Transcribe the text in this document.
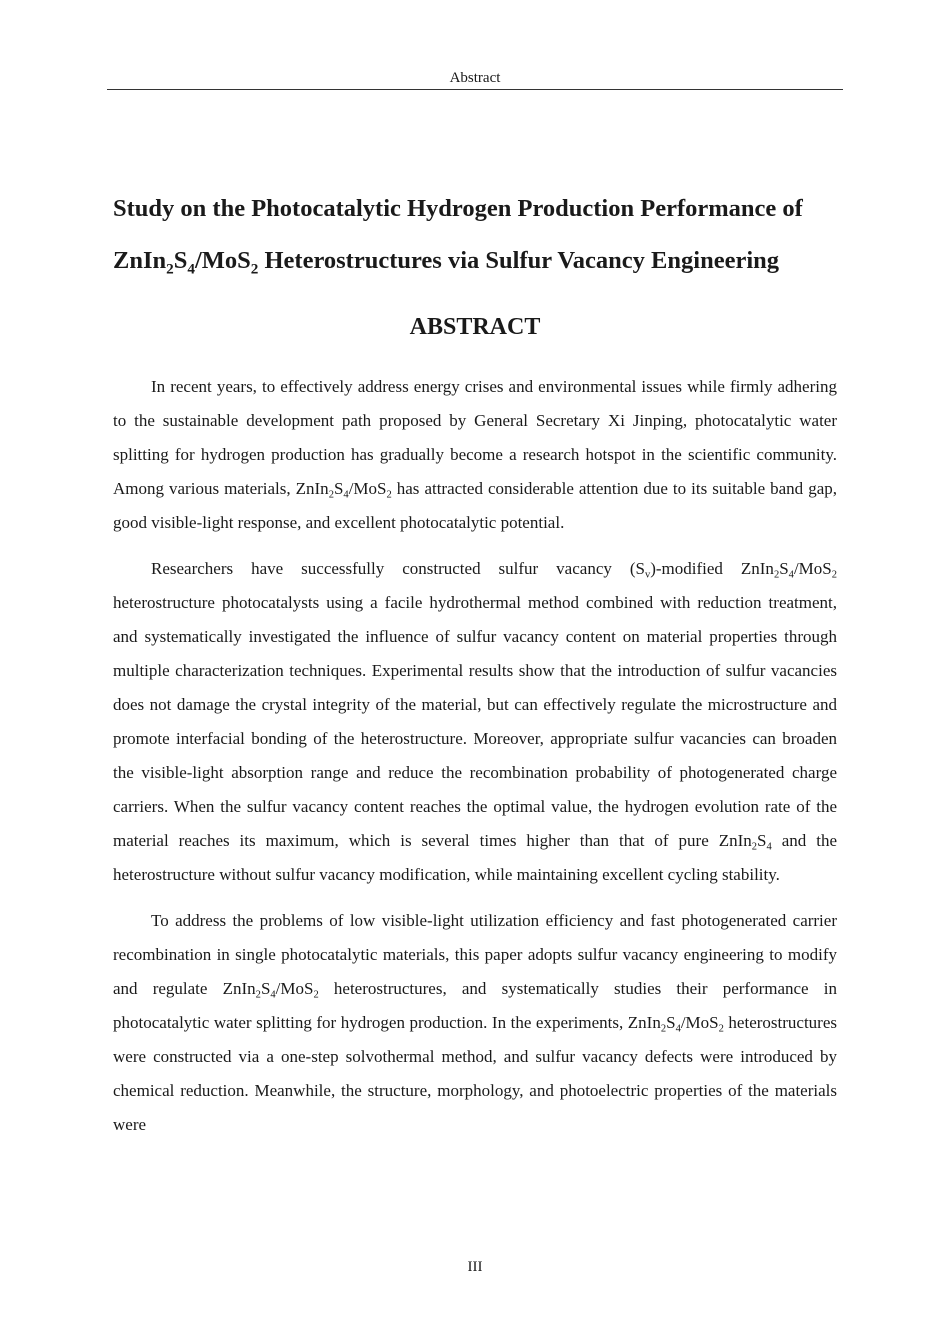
Abstract
Study on the Photocatalytic Hydrogen Production Performance of
$ZnIn_2S_4/MoS_2$ Heterostructures via Sulfur Vacancy Engineering
ABSTRACT

In recent years, to effectively address energy crises and environmental issues while firmly adhering to the sustainable development path proposed by General Secretary Xi Jinping, photocatalytic water splitting for hydrogen production has gradually become a research hotspot in the scientific community. Among various materials, $ZnIn_2S_4/MoS_2$ has attracted considerable attention due to its suitable band gap, good visible-light response, and excellent photocatalytic potential.

Researchers have successfully constructed sulfur vacancy $(S_v)$-modified $ZnIn_2S_4/MoS_2$ heterostructure photocatalysts using a facile hydrothermal method combined with reduction treatment, and systematically investigated the influence of sulfur vacancy content on material properties through multiple characterization techniques. Experimental results show that the introduction of sulfur vacancies does not damage the crystal integrity of the material, but can effectively regulate the microstructure and promote interfacial bonding of the heterostructure. Moreover, appropriate sulfur vacancies can broaden the visible-light absorption range and reduce the recombination probability of photogenerated charge carriers. When the sulfur vacancy content reaches the optimal value, the hydrogen evolution rate of the material reaches its maximum, which is several times higher than that of pure $ZnIn_2S_4$ and the heterostructure without sulfur vacancy modification, while maintaining excellent cycling stability.

To address the problems of low visible-light utilization efficiency and fast photogenerated carrier recombination in single photocatalytic materials, this paper adopts sulfur vacancy engineering to modify and regulate $ZnIn_2S_4/MoS_2$ heterostructures, and systematically studies their performance in photocatalytic water splitting for hydrogen production. In the experiments, $ZnIn_2S_4/MoS_2$ heterostructures were constructed via a one-step solvothermal method, and sulfur vacancy defects were introduced by chemical reduction. Meanwhile, the structure, morphology, and photoelectric properties of the materials were

III
